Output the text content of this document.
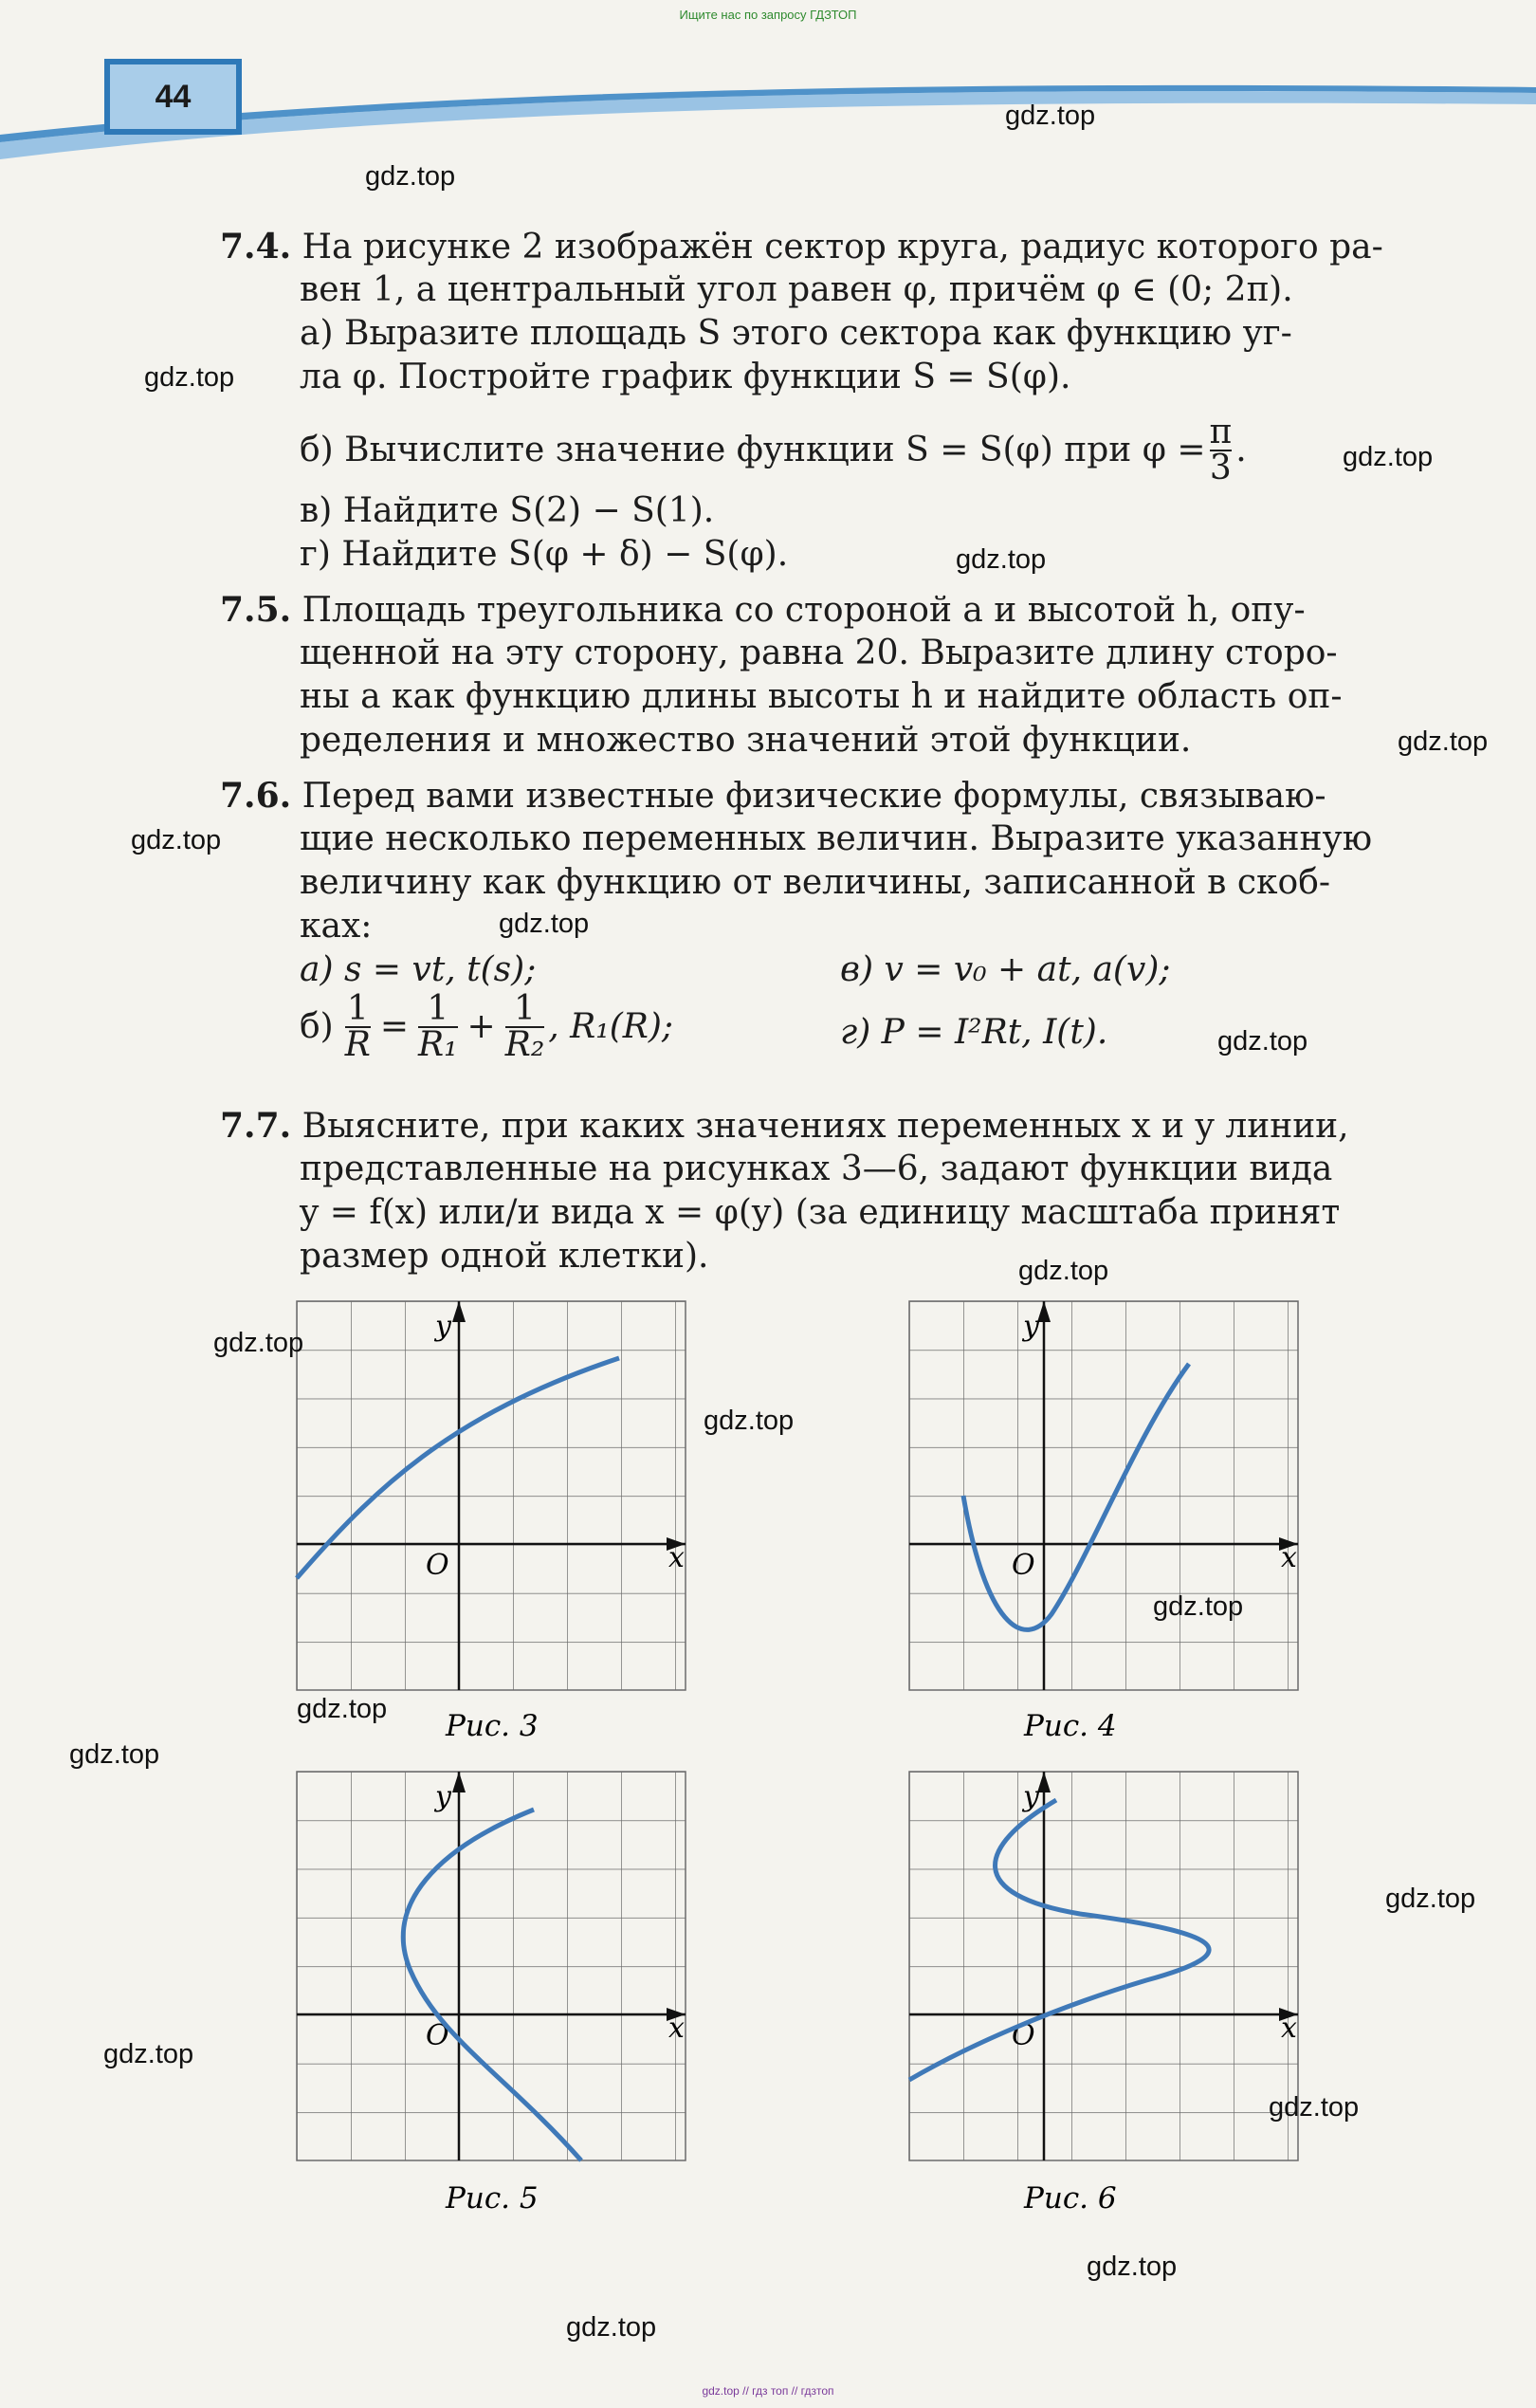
Ищите нас по запросу ГДЗТОП
44
7.4. На рисунке 2 изображён сектор круга, радиус которого ра-
вен 1, а центральный угол равен φ, причём φ ∈ (0; 2π).
а) Выразите площадь S этого сектора как функцию уг-
ла φ. Постройте график функции S = S(φ).
б) Вычислите значение функции S = S(φ) при $\varphi = \frac{\pi}{3}$ .
в) Найдите S(2) − S(1).
г) Найдите S(φ + δ) − S(φ).
7.5. Площадь треугольника со стороной a и высотой h, опу-
щенной на эту сторону, равна 20. Выразите длину сторо-
ны a как функцию длины высоты h и найдите область оп-
ределения и множество значений этой функции.
7.6. Перед вами известные физические формулы, связываю-
щие несколько переменных величин. Выразите указанную
величину как функцию от величины, записанной в скоб-
ках:
а) s = vt, t(s);	в) v = v₀ + at, a(v);
$б) \frac{1}{R} = \frac{1}{\text{R₁}} + \frac{1}{\text{R₂}}$ , R₁(R);	г) P = I²Rt, I(t).
7.7. Выясните, при каких значениях переменных x и y линии,
представленные на рисунках 3—6, задают функции вида
y = f(x) или/и вида x = φ(y) (за единицу масштаба принят
размер одной клетки).
y
x
O
Рис. 3
y
x
O
Рис. 4
y
x
O
Рис. 5
y
x
O
Рис. 6
gdz.top
gdz.top
gdz.top
gdz.top
gdz.top
gdz.top
gdz.top
gdz.top
gdz.top
gdz.top
gdz.top
gdz.top
gdz.top
gdz.top
gdz.top
gdz.top
gdz.top
gdz.top
gdz.top
gdz.top
gdz.top // гдз топ // гдзтоп
